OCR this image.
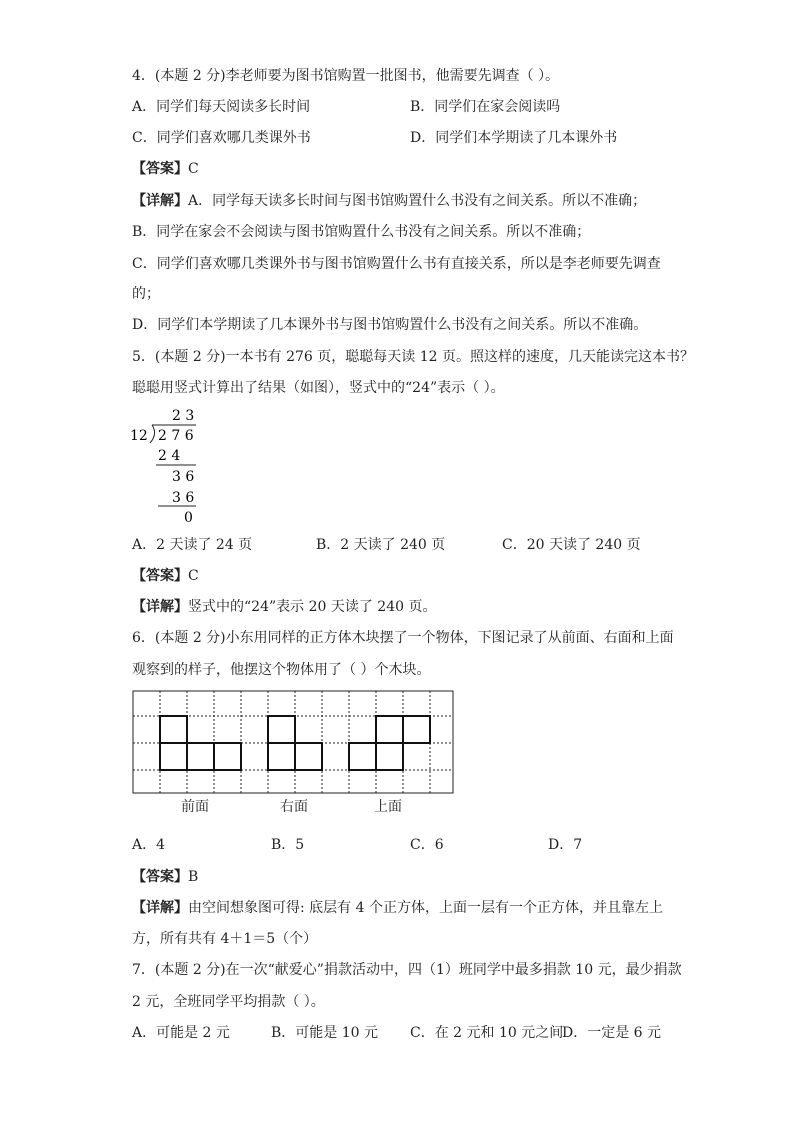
4．(本题 2 分)李老师要为图书馆购置一批图书，他需要先调查（ ）。
A．同学们每天阅读多长时间	B．同学们在家会阅读吗
C．同学们喜欢哪几类课外书	D．同学们本学期读了几本课外书
【答案】C
【详解】A．同学每天读多长时间与图书馆购置什么书没有之间关系。所以不准确；
B．同学在家会不会阅读与图书馆购置什么书没有之间关系。所以不准确；
C．同学们喜欢哪几类课外书与图书馆购置什么书有直接关系，所以是李老师要先调查
的；
D．同学们本学期读了几本课外书与图书馆购置什么书没有之间关系。所以不准确。
5．(本题 2 分)一本书有 276 页，聪聪每天读 12 页。照这样的速度，几天能读完这本书？
聪聪用竖式计算出了结果（如图），竖式中的“24”表示（ ）。
2 3
12 2 7 6
2 4
3 6
3 6
0
A．2 天读了 24 页	B．2 天读了 240 页	C．20 天读了 240 页
【答案】C
【详解】竖式中的“24”表示 20 天读了 240 页。
6．(本题 2 分)小东用同样的正方体木块摆了一个物体，下图记录了从前面、右面和上面
观察到的样子，他摆这个物体用了（ ）个木块。
前面	右面	上面
A．4	B．5	C．6	D．7
【答案】B
【详解】由空间想象图可得: 底层有 4 个正方体，上面一层有一个正方体，并且靠左上
方，所有共有 4＋1＝5（个）
7．(本题 2 分)在一次“献爱心”捐款活动中，四（1）班同学中最多捐款 10 元，最少捐款
2 元，全班同学平均捐款（ ）。
A．可能是 2 元	B．可能是 10 元 C．在 2 元和 10 元之间
D．一定是 6 元
